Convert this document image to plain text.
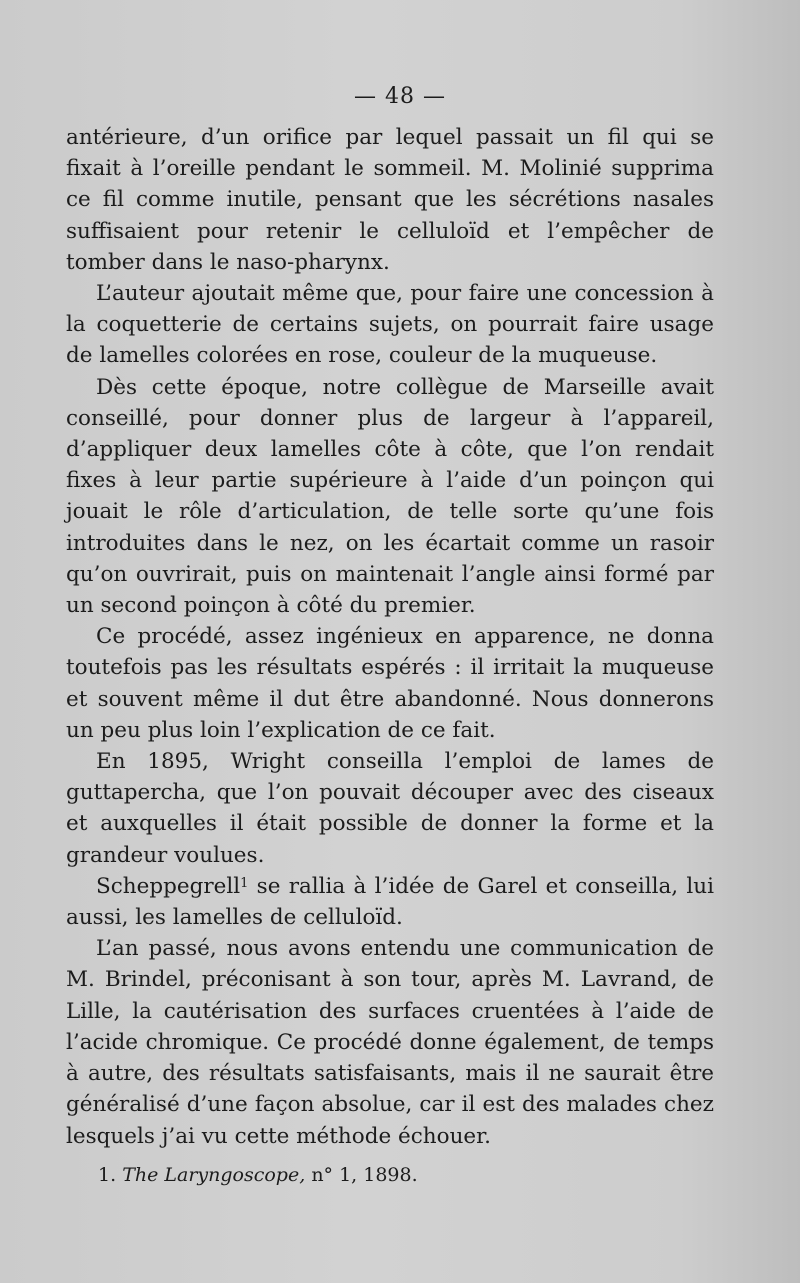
— 48 —

antérieure, d’un orifice par lequel passait un fil qui se fixait à l’oreille pendant le sommeil. M. Molinié supprima ce fil comme inutile, pensant que les sécrétions nasales suffisaient pour retenir le celluloïd et l’empêcher de tomber dans le naso-pharynx.

L’auteur ajoutait même que, pour faire une concession à la coquetterie de certains sujets, on pourrait faire usage de lamelles colorées en rose, couleur de la muqueuse.

Dès cette époque, notre collègue de Marseille avait conseillé, pour donner plus de largeur à l’appareil, d’appliquer deux lamelles côte à côte, que l’on rendait fixes à leur partie supérieure à l’aide d’un poinçon qui jouait le rôle d’articulation, de telle sorte qu’une fois introduites dans le nez, on les écartait comme un rasoir qu’on ouvrirait, puis on maintenait l’angle ainsi formé par un second poinçon à côté du premier.

Ce procédé, assez ingénieux en apparence, ne donna toutefois pas les résultats espérés : il irritait la muqueuse et souvent même il dut être abandonné. Nous donnerons un peu plus loin l’explication de ce fait.

En 1895, Wright conseilla l’emploi de lames de guttapercha, que l’on pouvait découper avec des ciseaux et auxquelles il était possible de donner la forme et la grandeur voulues.

Scheppegrell$^1$ se rallia à l’idée de Garel et conseilla, lui aussi, les lamelles de celluloïd.

L’an passé, nous avons entendu une communication de M. Brindel, préconisant à son tour, après M. Lavrand, de Lille, la cautérisation des surfaces cruentées à l’aide de l’acide chromique. Ce procédé donne également, de temps à autre, des résultats satisfaisants, mais il ne saurait être généralisé d’une façon absolue, car il est des malades chez lesquels j’ai vu cette méthode échouer.

1. The Laryngoscope, n° 1, 1898.
